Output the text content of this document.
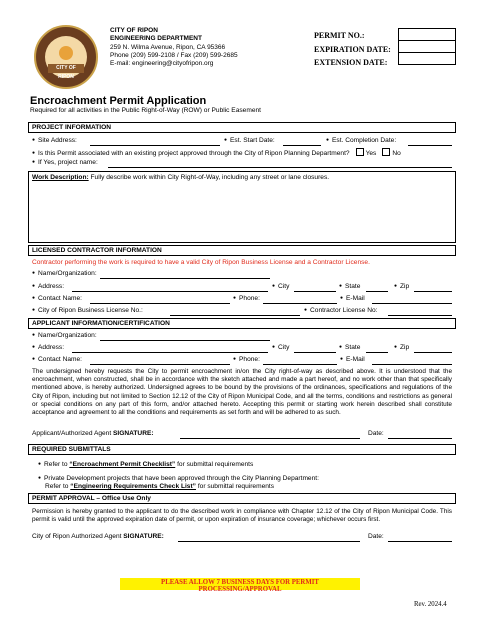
CITY OF RIPON
CITY OF RIPON
ENGINEERING DEPARTMENT
259 N. Wilma Avenue, Ripon, CA 95366
Phone (209) 599-2108 / Fax (209) 599-2685
E-mail: engineering@cityofripon.org
PERMIT NO.:
EXPIRATION DATE:
EXTENSION DATE:
Encroachment Permit Application
Required for all activities in the Public Right-of-Way (ROW) or Public Easement
PROJECT INFORMATION
● Site Address:	● Est. Start Date:	● Est. Completion Date:
● Is this Permit associated with an existing project approved through the City of Ripon Planning Department? Yes No
● If Yes, project name:
Work Description: Fully describe work within City Right-of-Way, including any street or lane closures.
LICENSED CONTRACTOR INFORMATION
Contractor performing the work is required to have a valid City of Ripon Business License and a Contractor License.
● Name/Organization:
● Address:	● City	● State	● Zip
● Contact Name:	● Phone:	● E-Mail
● City of Ripon Business License No.:	● Contractor License No:
APPLICANT INFORMATION/CERTIFICATION
● Name/Organization:
● Address:	● City	● State	● Zip
● Contact Name:	● Phone:	● E-Mail
The undersigned hereby requests the City to permit encroachment in/on the City right-of-way as described above. It is understood that the encroachment, when constructed, shall be in accordance with the sketch attached and made a part hereof, and no work other than that specifically mentioned above, is hereby authorized. Undersigned agrees to be bound by the provisions of the ordinances, specifications and regulations of the City of Ripon, including but not limited to Section 12.12 of the City of Ripon Municipal Code, and all the terms, conditions and restrictions as general or special conditions on any part of this form, and/or attached hereto. Accepting this permit or starting work herein described shall constitute acceptance and agreement to all the conditions and requirements as set forth and will be adhered to as such.
Applicant/Authorized Agent SIGNATURE:	Date:
REQUIRED SUBMITTALS
● Refer to “Encroachment Permit Checklist” for submittal requirements
● Private Development projects that have been approved through the City Planning Department:
Refer to “Engineering Requirements Check List” for submittal requirements
PERMIT APPROVAL – Office Use Only
Permission is hereby granted to the applicant to do the described work in compliance with Chapter 12.12 of the City of Ripon Municipal Code. This permit is valid until the approved expiration date of permit, or upon expiration of insurance coverage; whichever occurs first.
City of Ripon Authorized Agent SIGNATURE:	Date:
PLEASE ALLOW 7 BUSINESS DAYS FOR PERMIT PROCESSING/APPROVAL
Rev. 2024.4
